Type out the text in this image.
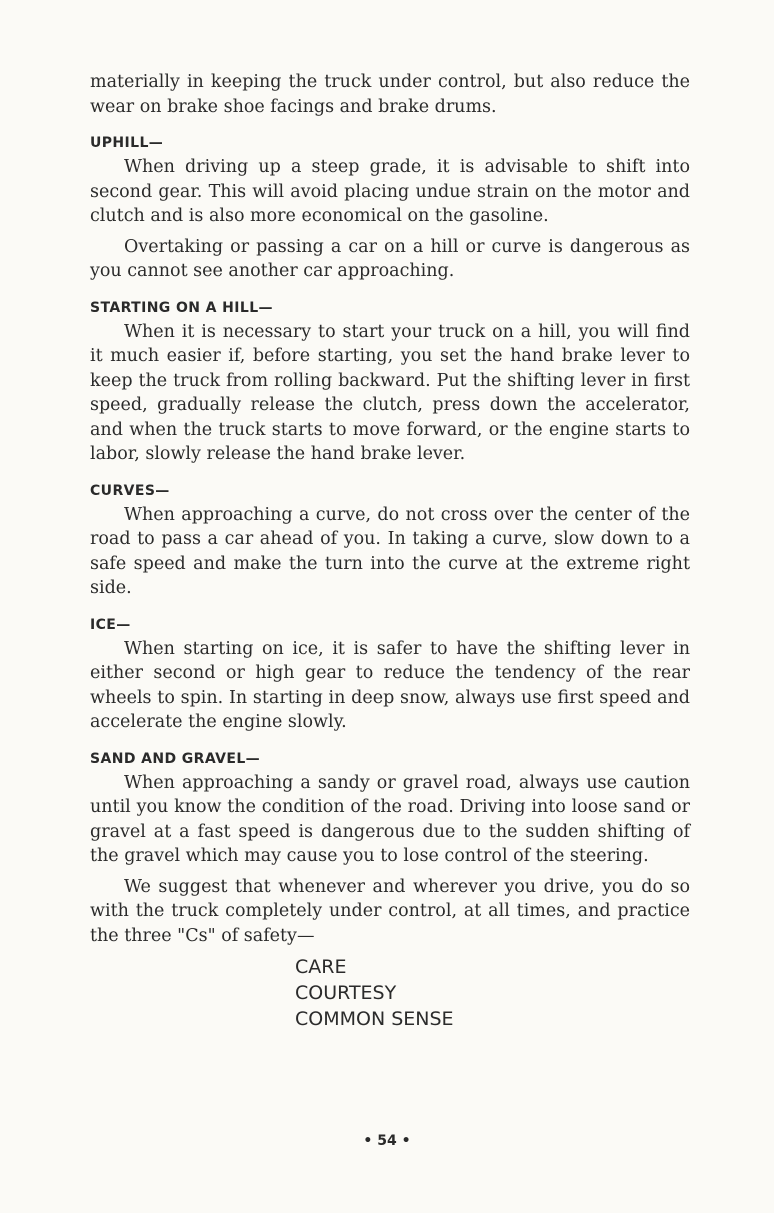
materially in keeping the truck under control, but also reduce the wear on brake shoe facings and brake drums.

UPHILL—

When driving up a steep grade, it is advisable to shift into second gear. This will avoid placing undue strain on the motor and clutch and is also more economical on the gasoline.

Overtaking or passing a car on a hill or curve is dangerous as you cannot see another car approaching.

STARTING ON A HILL—

When it is necessary to start your truck on a hill, you will find it much easier if, before starting, you set the hand brake lever to keep the truck from rolling backward. Put the shifting lever in first speed, gradually release the clutch, press down the accelerator, and when the truck starts to move forward, or the engine starts to labor, slowly release the hand brake lever.

CURVES—

When approaching a curve, do not cross over the center of the road to pass a car ahead of you. In taking a curve, slow down to a safe speed and make the turn into the curve at the extreme right side.

ICE—

When starting on ice, it is safer to have the shifting lever in either second or high gear to reduce the tendency of the rear wheels to spin. In starting in deep snow, always use first speed and accelerate the engine slowly.

SAND AND GRAVEL—

When approaching a sandy or gravel road, always use caution until you know the condition of the road. Driving into loose sand or gravel at a fast speed is dangerous due to the sudden shifting of the gravel which may cause you to lose control of the steering.

We suggest that whenever and wherever you drive, you do so with the truck completely under control, at all times, and practice the three "Cs" of safety—

CARE
COURTESY
COMMON SENSE
• 54 •
